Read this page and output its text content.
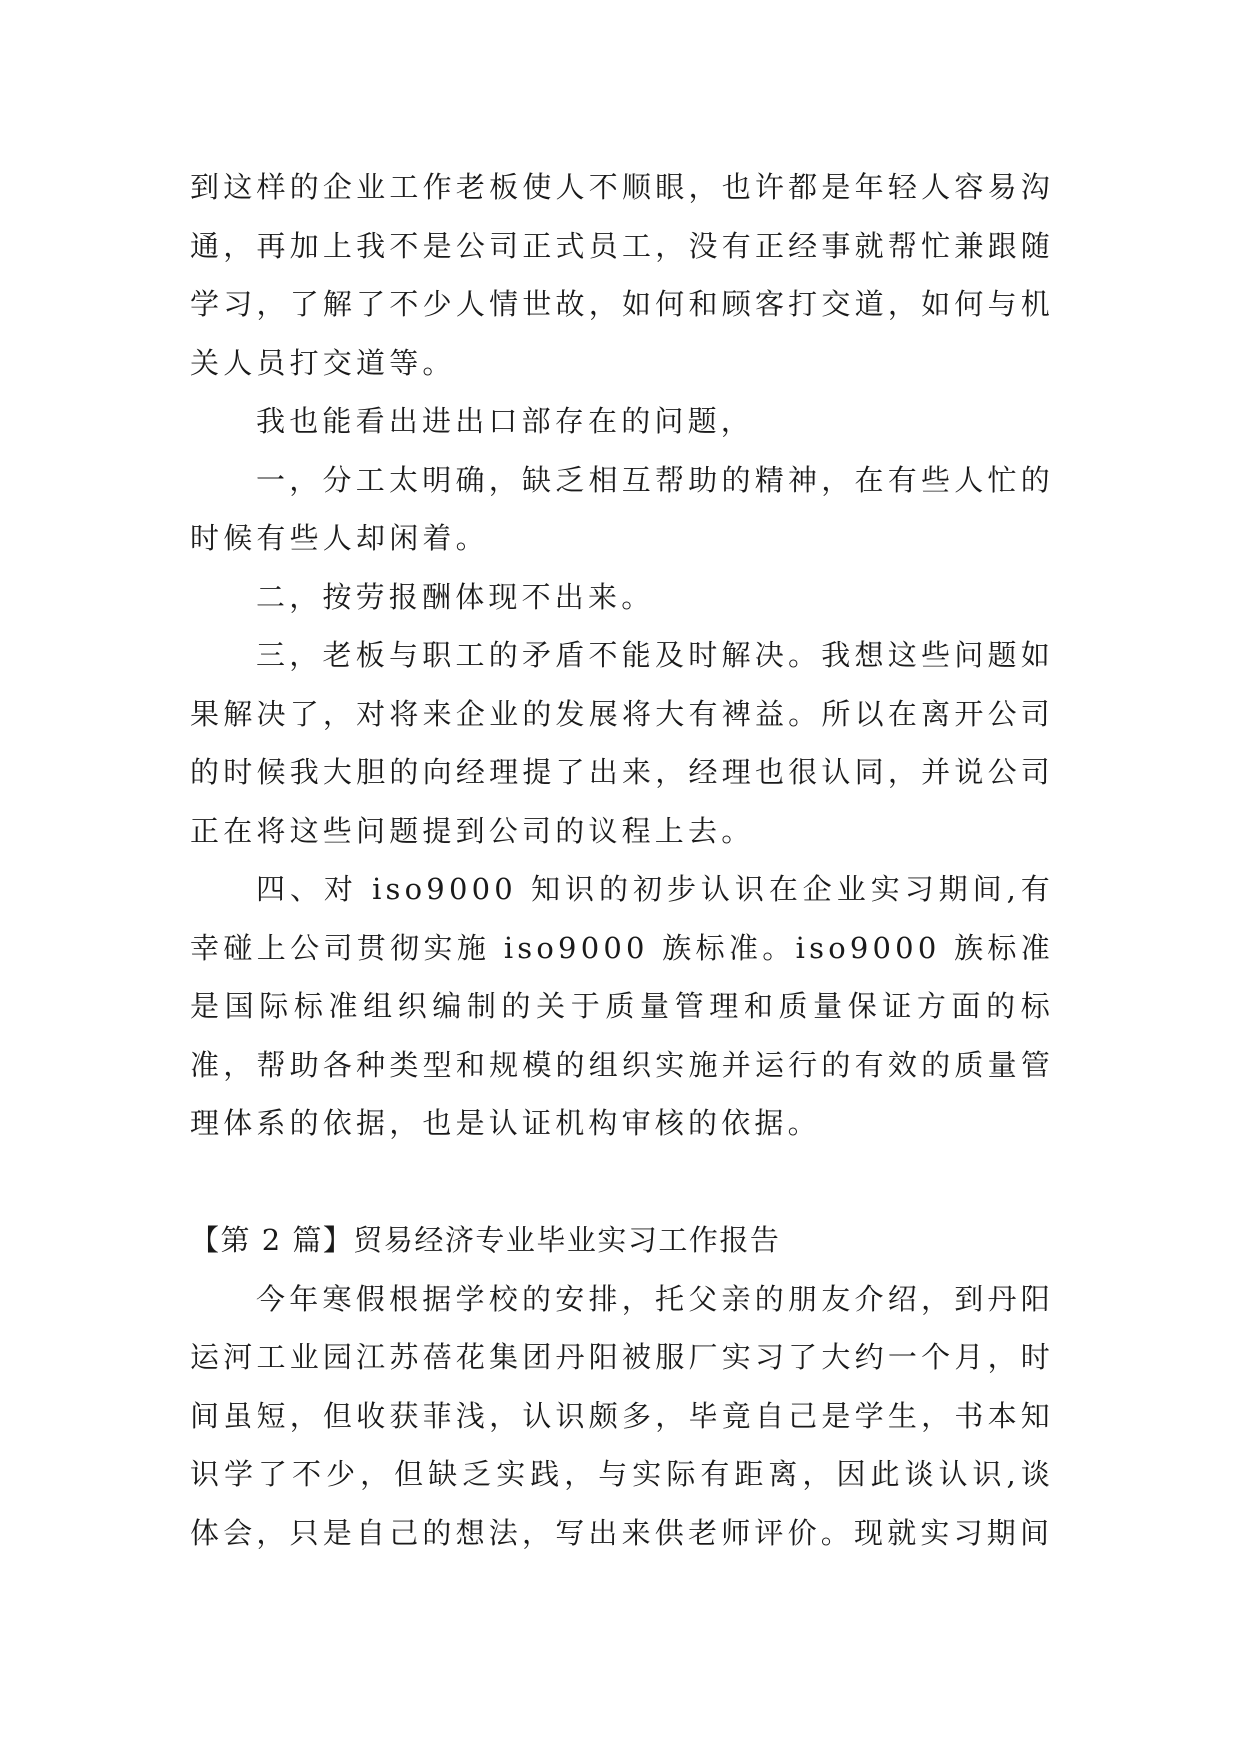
到这样的企业工作老板使人不顺眼，也许都是年轻人容易沟通，再加上我不是公司正式员工，没有正经事就帮忙兼跟随学习，了解了不少人情世故，如何和顾客打交道，如何与机关人员打交道等。

我也能看出进出口部存在的问题，

一，分工太明确，缺乏相互帮助的精神，在有些人忙的时候有些人却闲着。

二，按劳报酬体现不出来。

三，老板与职工的矛盾不能及时解决。我想这些问题如果解决了，对将来企业的发展将大有裨益。所以在离开公司的时候我大胆的向经理提了出来，经理也很认同，并说公司正在将这些问题提到公司的议程上去。

四、对 iso9000 知识的初步认识在企业实习期间,有幸碰上公司贯彻实施 iso9000 族标准。iso9000 族标准是国际标准组织编制的关于质量管理和质量保证方面的标准，帮助各种类型和规模的组织实施并运行的有效的质量管理体系的依据，也是认证机构审核的依据。

【第 2 篇】贸易经济专业毕业实习工作报告

今年寒假根据学校的安排，托父亲的朋友介绍，到丹阳运河工业园江苏蓓花集团丹阳被服厂实习了大约一个月，时间虽短，但收获菲浅，认识颇多，毕竟自己是学生，书本知识学了不少，但缺乏实践，与实际有距离，因此谈认识,谈体会，只是自己的想法，写出来供老师评价。现就实习期间
